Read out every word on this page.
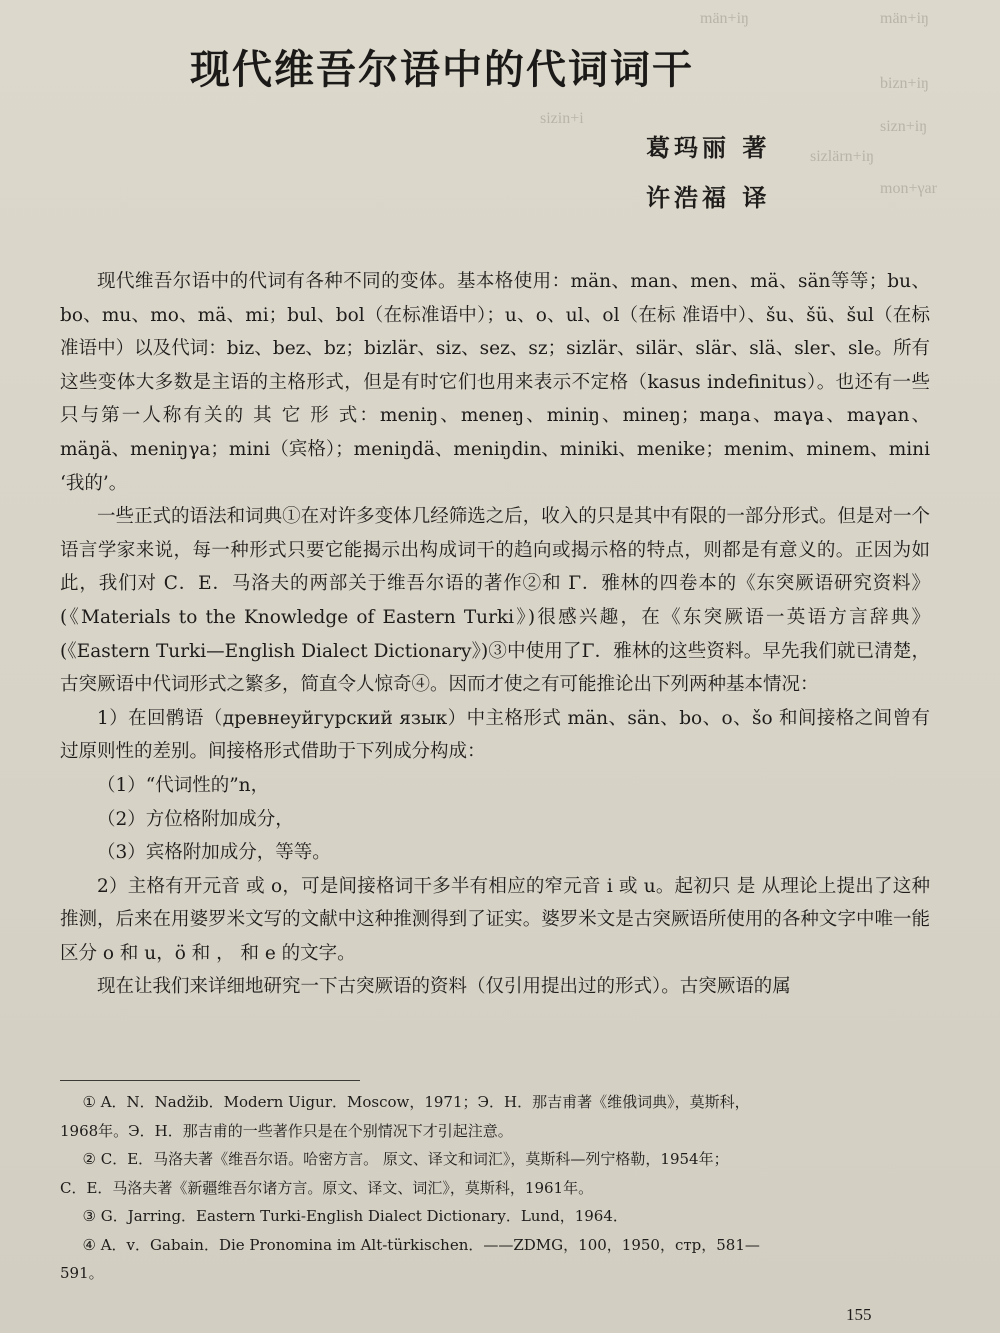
män+iŋ
bizn+iŋ
sizn+iŋ
sizlärn+iŋ
mon+γar
män+iŋ
sizin+i
现代维吾尔语中的代词词干
葛玛丽 著
许浩福 译

现代维吾尔语中的代词有各种不同的变体。基本格使用：män、man、men、mä、sän等等；bu、bo、mu、mo、mä、mi；bul、bol（在标准语中）；u、o、ul、ol（在标 准语中）、šu、šü、šul（在标准语中）以及代词：biz、bez、bz；bizlär、siz、sez、sz；sizlär、silär、slär、slä、sler、sle。所有这些变体大多数是主语的主格形式，但是有时它们也用来表示不定格（kasus indefinitus）。也还有一些只与第一人称有关的 其 它 形 式：meniŋ、meneŋ、miniŋ、mineŋ；maŋa、maγa、maγan、mäŋä、meniŋγa；mini（宾格）；meniŋdä、meniŋdin、miniki、menike；menim、minem、mini ‘我的’。

一些正式的语法和词典①在对许多变体几经筛选之后，收入的只是其中有限的一部分形式。但是对一个语言学家来说，每一种形式只要它能揭示出构成词干的趋向或揭示格的特点，则都是有意义的。正因为如此，我们对 C．E．马洛夫的两部关于维吾尔语的著作②和 Γ．雅林的四卷本的《东突厥语研究资料》(《Materials to the Knowledge of Eastern Turki》)很感兴趣，在《东突厥语一英语方言辞典》(《Eastern Turki—English Dialect Dictionary》)③中使用了Γ．雅林的这些资料。早先我们就已清楚，古突厥语中代词形式之繁多，简直令人惊奇④。因而才使之有可能推论出下列两种基本情况：

1）在回鹘语（древнеуйгурский язык）中主格形式 män、sän、bo、o、šo 和间接格之间曾有过原则性的差别。间接格形式借助于下列成分构成：

（1）“代词性的”n，

（2）方位格附加成分，

（3）宾格附加成分，等等。

2）主格有开元音 或 o，可是间接格词干多半有相应的窄元音 i 或 u。起初只 是 从理论上提出了这种推测，后来在用婆罗米文写的文献中这种推测得到了证实。婆罗米文是古突厥语所使用的各种文字中唯一能区分 o 和 u，ö 和 ， 和 e 的文字。

现在让我们来详细地研究一下古突厥语的资料（仅引用提出过的形式）。古突厥语的属

① A．N．Nadžib．Modern Uigur．Moscow，1971；Э．H．那吉甫著《维俄词典》，莫斯科，

1968年。Э．H．那吉甫的一些著作只是在个别情况下才引起注意。

② C．E．马洛夫著《维吾尔语。哈密方言。 原文、译文和词汇》，莫斯科—列宁格勒，1954年；

C．E．马洛夫著《新疆维吾尔诸方言。原文、译文、词汇》，莫斯科，1961年。

③ G．Jarring．Eastern Turki-English Dialect Dictionary．Lund，1964．

④ A．v．Gabain．Die Pronomina im Alt-türkischen．——ZDMG，100，1950，стр，581—

591。

155
